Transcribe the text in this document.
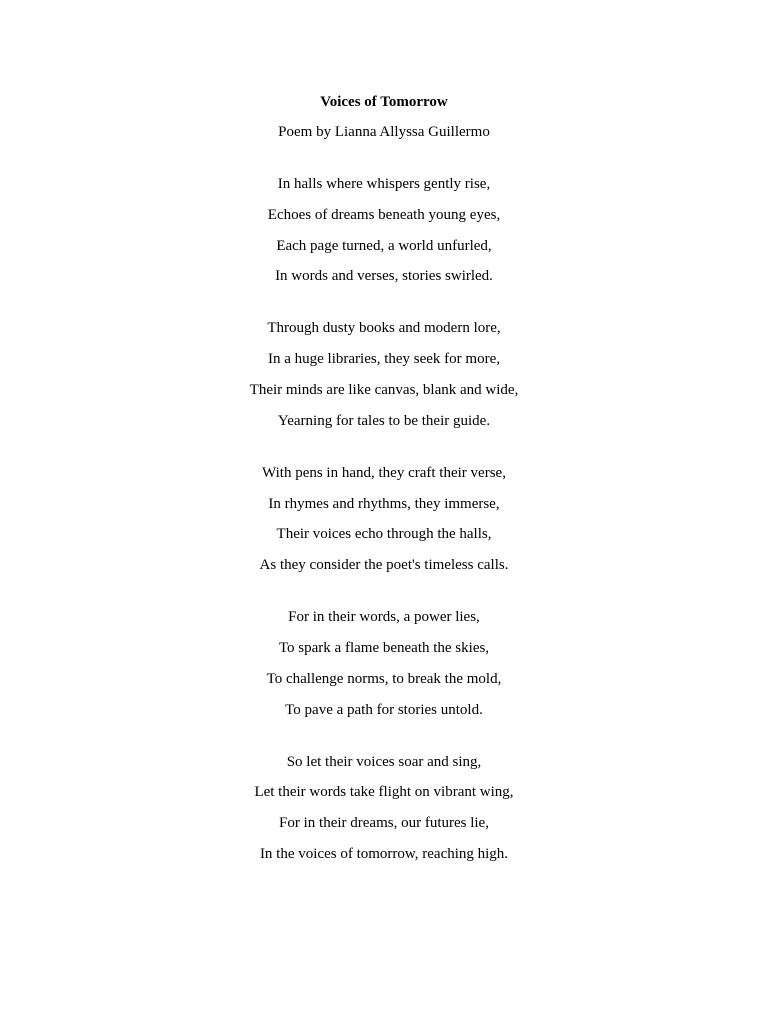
Voices of Tomorrow
Poem by Lianna Allyssa Guillermo
In halls where whispers gently rise,
Echoes of dreams beneath young eyes,
Each page turned, a world unfurled,
In words and verses, stories swirled.
Through dusty books and modern lore,
In a huge libraries, they seek for more,
Their minds are like canvas, blank and wide,
Yearning for tales to be their guide.
With pens in hand, they craft their verse,
In rhymes and rhythms, they immerse,
Their voices echo through the halls,
As they consider the poet's timeless calls.
For in their words, a power lies,
To spark a flame beneath the skies,
To challenge norms, to break the mold,
To pave a path for stories untold.
So let their voices soar and sing,
Let their words take flight on vibrant wing,
For in their dreams, our futures lie,
In the voices of tomorrow, reaching high.
